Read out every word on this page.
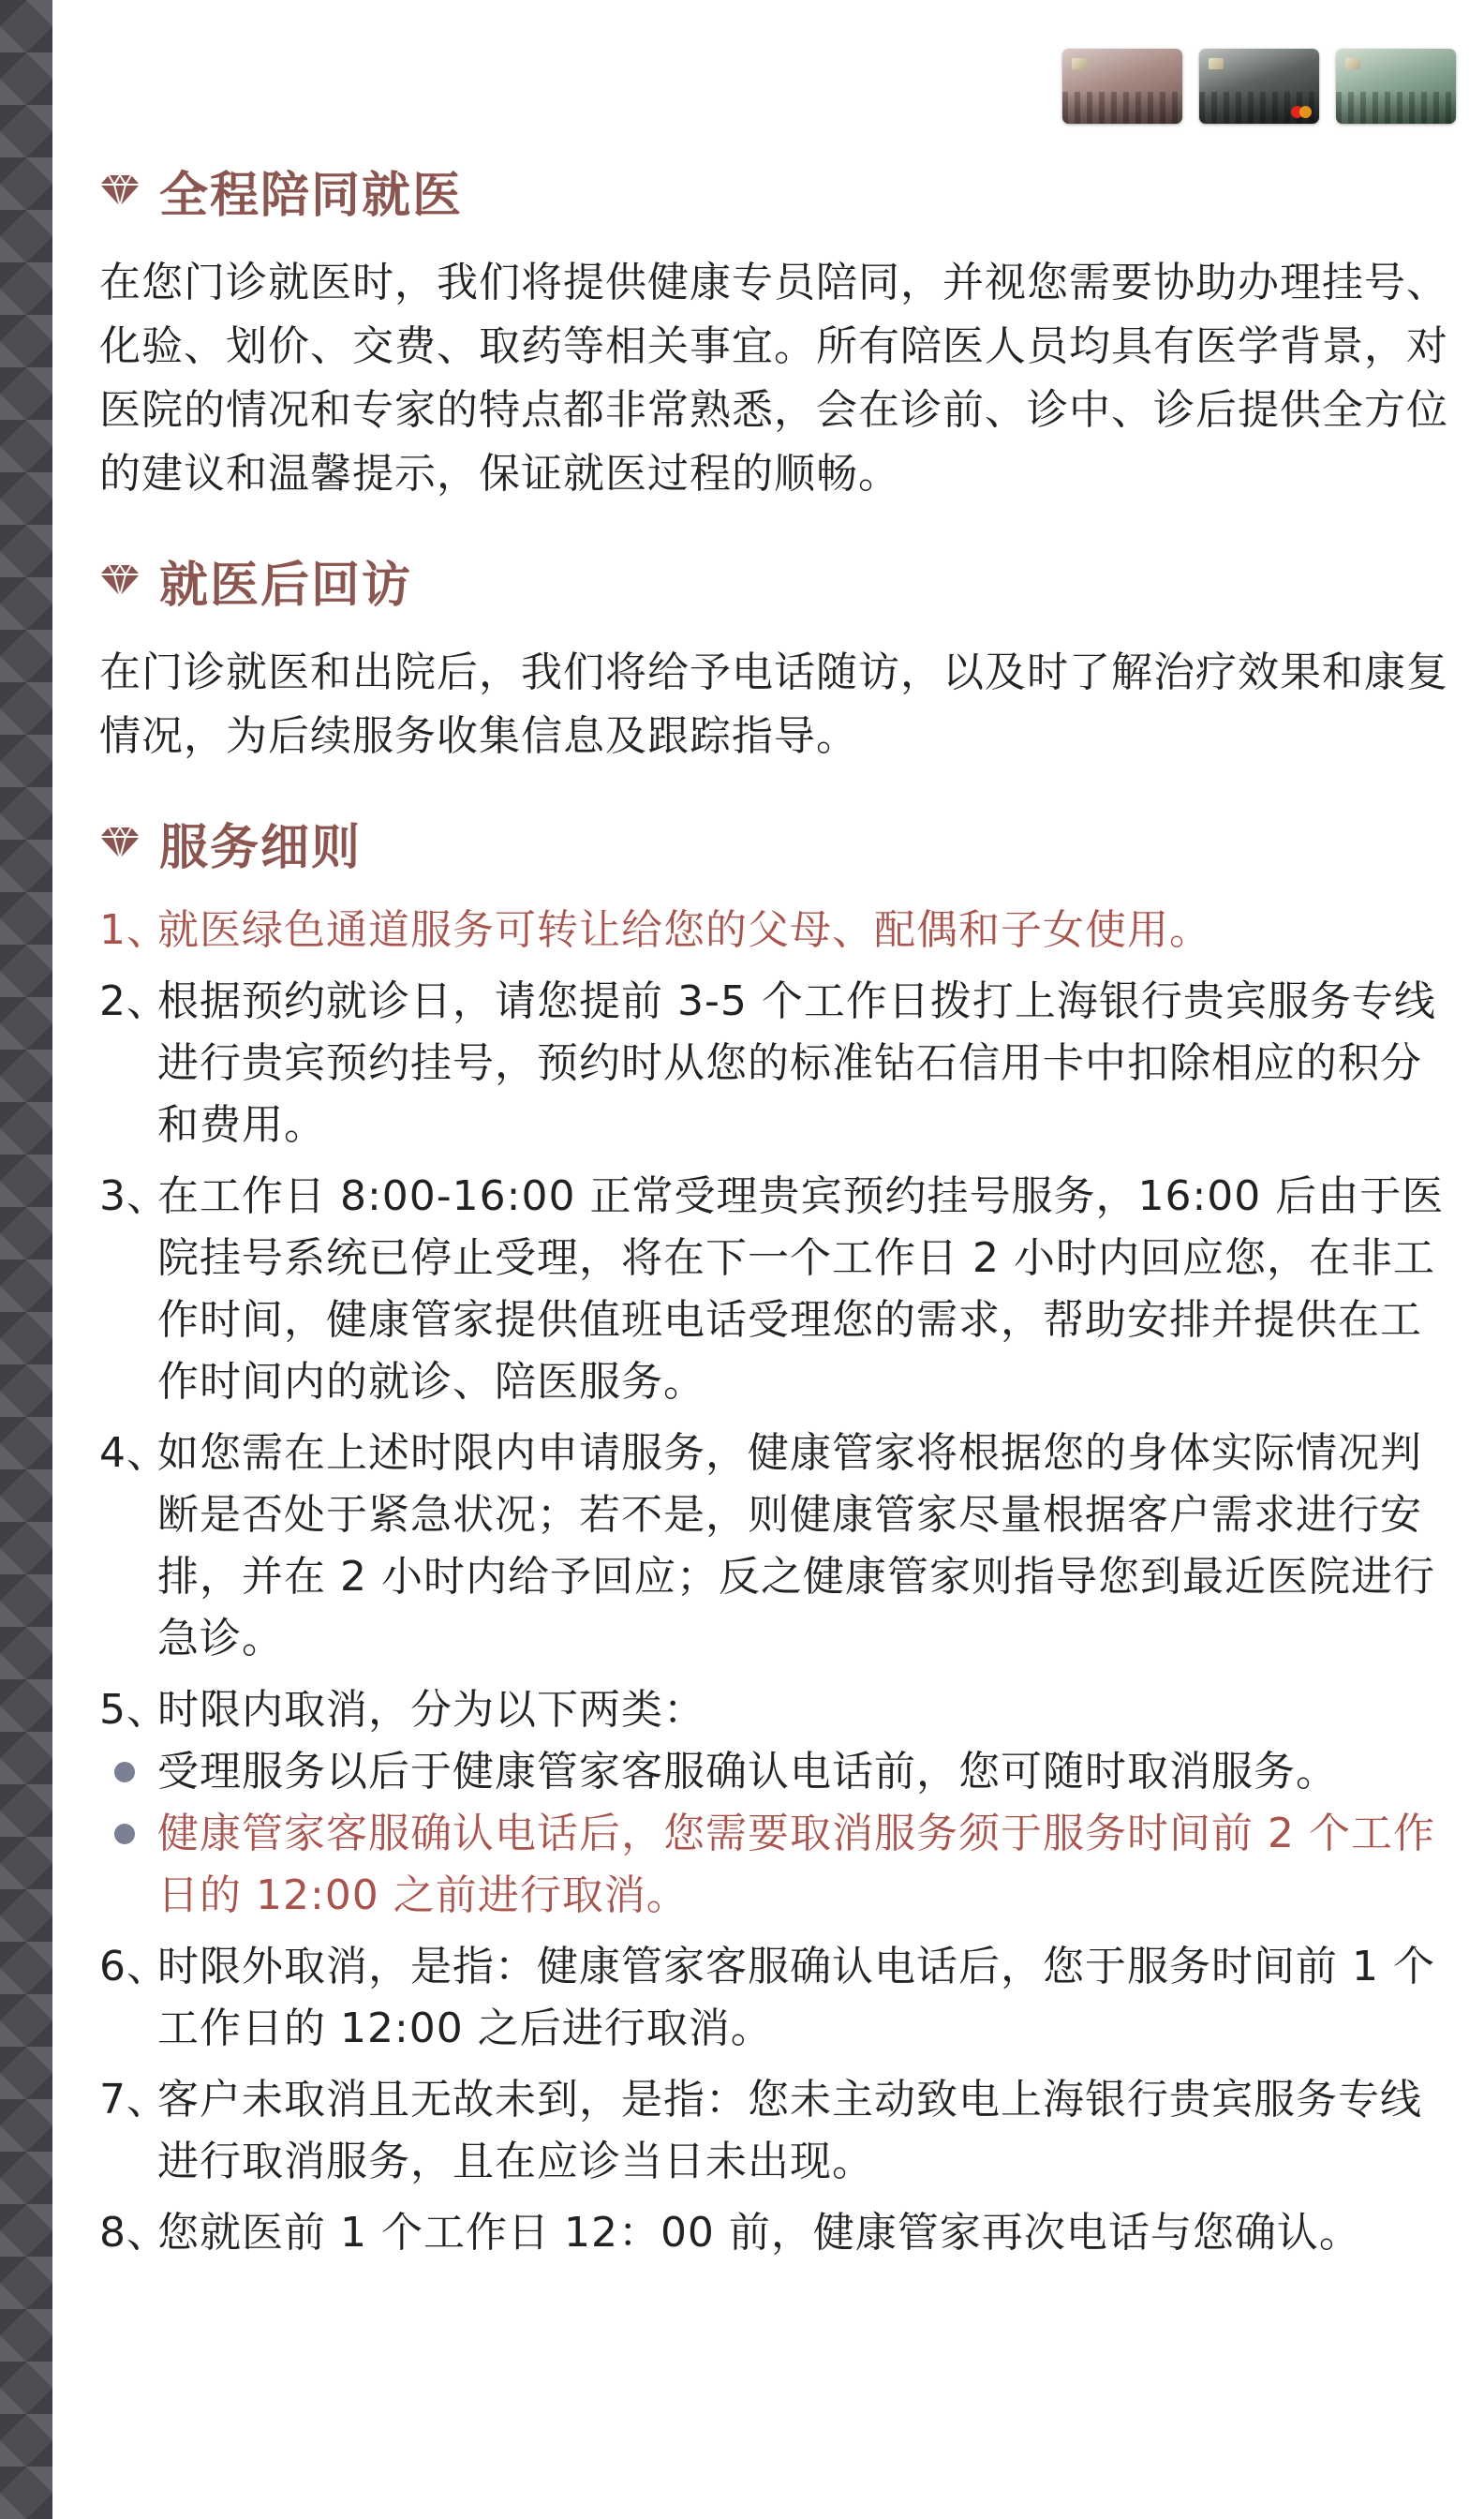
全程陪同就医

在您门诊就医时，我们将提供健康专员陪同，并视您需要协助办理挂号、化验、划价、交费、取药等相关事宜。所有陪医人员均具有医学背景，对医院的情况和专家的特点都非常熟悉，会在诊前、诊中、诊后提供全方位的建议和温馨提示，保证就医过程的顺畅。

就医后回访

在门诊就医和出院后，我们将给予电话随访，以及时了解治疗效果和康复情况，为后续服务收集信息及跟踪指导。

服务细则
1、
就医绿色通道服务可转让给您的父母、配偶和子女使用。
2、
根据预约就诊日，请您提前 3-5 个工作日拨打上海银行贵宾服务专线进行贵宾预约挂号，预约时从您的标准钻石信用卡中扣除相应的积分和费用。
3、
在工作日 8:00-16:00 正常受理贵宾预约挂号服务，16:00 后由于医院挂号系统已停止受理，将在下一个工作日 2 小时内回应您，在非工作时间，健康管家提供值班电话受理您的需求，帮助安排并提供在工作时间内的就诊、陪医服务。
4、
如您需在上述时限内申请服务，健康管家将根据您的身体实际情况判断是否处于紧急状况；若不是，则健康管家尽量根据客户需求进行安排，并在 2 小时内给予回应；反之健康管家则指导您到最近医院进行急诊。
5、
时限内取消，分为以下两类：
受理服务以后于健康管家客服确认电话前，您可随时取消服务。
健康管家客服确认电话后，您需要取消服务须于服务时间前 2 个工作日的 12:00 之前进行取消。
6、
时限外取消，是指：健康管家客服确认电话后，您于服务时间前 1 个工作日的 12:00 之后进行取消。
7、
客户未取消且无故未到，是指：您未主动致电上海银行贵宾服务专线进行取消服务，且在应诊当日未出现。
8、
您就医前 1 个工作日 12：00 前，健康管家再次电话与您确认。
